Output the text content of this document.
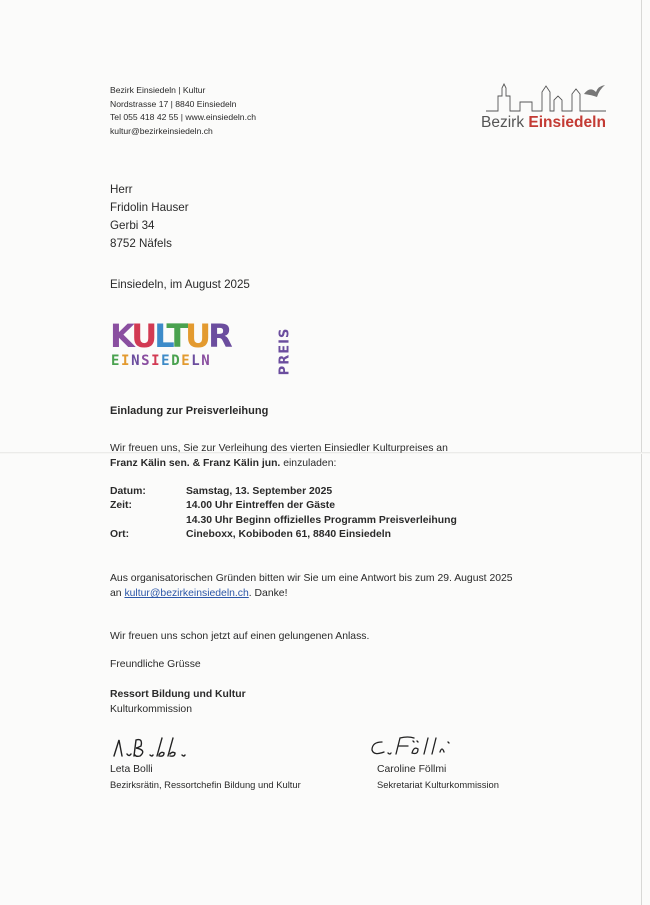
Bezirk Einsiedeln | Kultur
Nordstrasse 17 | 8840 Einsiedeln
Tel 055 418 42 55 | www.einsiedeln.ch
kultur@bezirkeinsiedeln.ch	Bezirk Einsiedeln
Herr
Fridolin Hauser
Gerbi 34
8752 Näfels
Einsiedeln, im August 2025
KULTUR
EINSIEDELN	PREIS
Einladung zur Preisverleihung
Wir freuen uns, Sie zur Verleihung des vierten Einsiedler Kulturpreises an
Franz Kälin sen. & Franz Kälin jun. einzuladen:
Datum:	Samstag, 13. September 2025
Zeit:	14.00 Uhr Eintreffen der Gäste
14.30 Uhr Beginn offizielles Programm Preisverleihung
Ort:	Cineboxx, Kobiboden 61, 8840 Einsiedeln
Aus organisatorischen Gründen bitten wir Sie um eine Antwort bis zum 29. August 2025
an kultur@bezirkeinsiedeln.ch. Danke!
Wir freuen uns schon jetzt auf einen gelungenen Anlass.
Freundliche Grüsse
Ressort Bildung und Kultur
Kulturkommission
Leta Bolli
Bezirksrätin, Ressortchefin Bildung und Kultur
Caroline Föllmi
Sekretariat Kulturkommission
